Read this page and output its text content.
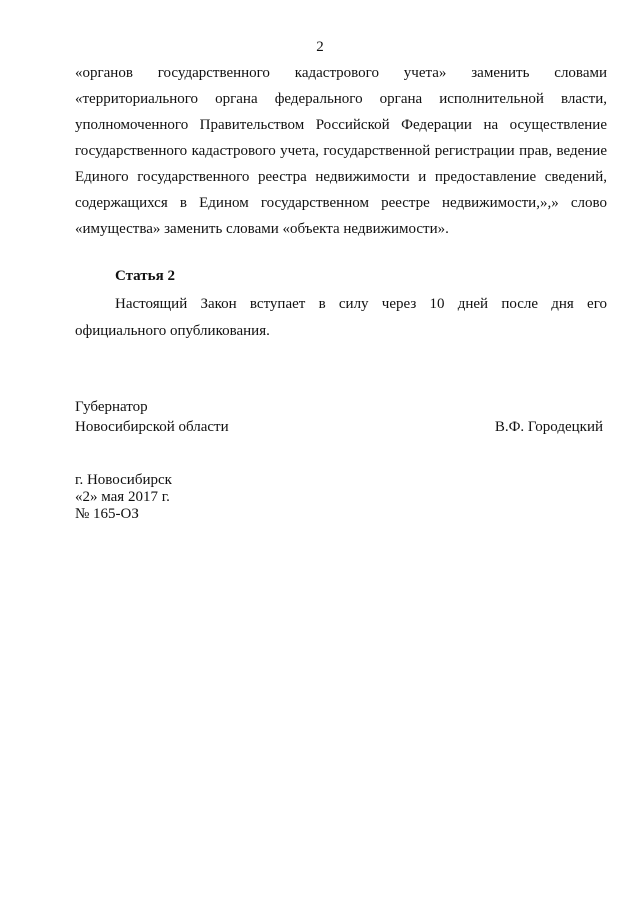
2
«органов государственного кадастрового учета» заменить словами
«территориального органа федерального органа исполнительной власти,
уполномоченного Правительством Российской Федерации на осуществление
государственного кадастрового учета, государственной регистрации прав, ведение
Единого государственного реестра недвижимости и предоставление сведений,
содержащихся в Едином государственном реестре недвижимости,»,» слово
«имущества» заменить словами «объекта недвижимости».
Статья 2
Настоящий Закон вступает в силу через 10 дней после дня его
официального опубликования.
Губернатор
Новосибирской области	В.Ф. Городецкий
г. Новосибирск
«2» мая 2017 г.
№ 165-ОЗ
